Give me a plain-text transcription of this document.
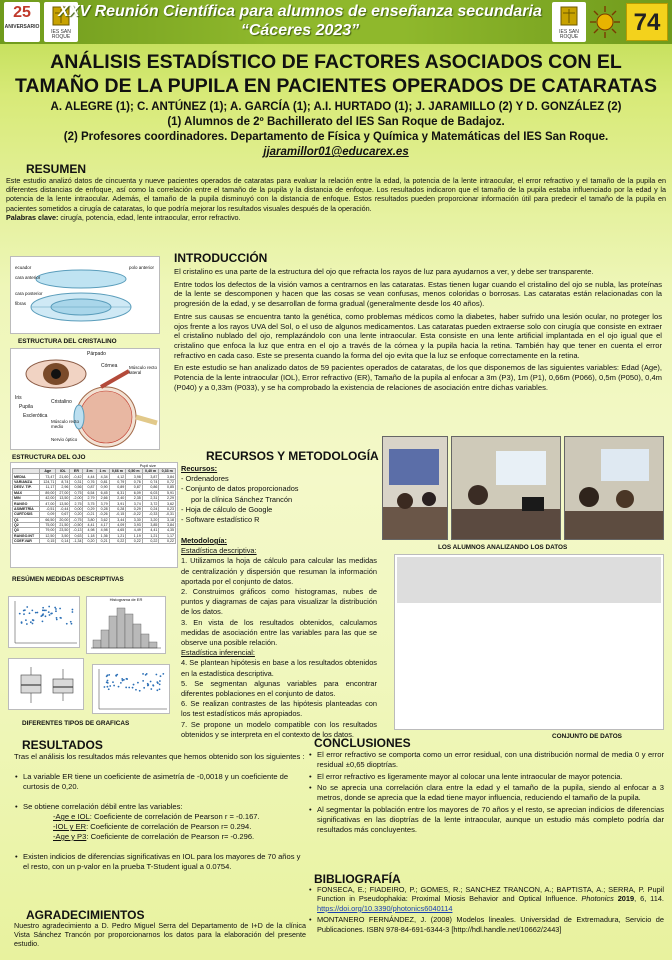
25
ANIVERSARIO
IES SAN ROQUE
XXV Reunión Científica para alumnos de enseñanza secundaria
“Cáceres 2023”	IES SAN ROQUE
74
ANÁLISIS ESTADÍSTICO DE FACTORES ASOCIADOS CON EL TAMAÑO DE LA PUPILA EN PACIENTES OPERADOS DE CATARATAS
A. ALEGRE (1); C. ANTÚNEZ (1); A. GARCÍA (1); A.I. HURTADO (1); J. JARAMILLO (2) Y D. GONZÁLEZ (2)
(1) Alumnos de 2º Bachillerato del IES San Roque de Badajoz.
(2) Profesores coordinadores. Departamento de Física y Química y Matemáticas del IES San Roque. jjaramillor01@educarex.es
RESUMEN
Este estudio analizó datos de cincuenta y nueve pacientes operados de cataratas para evaluar la relación entre la edad, la potencia de la lente intraocular, el error refractivo y el tamaño de la pupila en diferentes distancias de enfoque, así como la correlación entre el tamaño de la pupila y la distancia de enfoque. Los resultados indicaron que el tamaño de la pupila estaba influenciado por la edad y la potencia de la lente intraocular. Además, el tamaño de la pupila disminuyó con la distancia de enfoque. Estos resultados pueden proporcionar información útil para predecir el tamaño de la pupila en pacientes sometidos a cirugía de cataratas, lo que podría mejorar los resultados visuales después de la operación.
Palabras clave: cirugía, potencia, edad, lente intraocular, error refractivo.
ecuador
cara anterior
cara posterior
fibras
polo anterior
ESTRUCTURA DEL CRISTALINO
Párpado
Córnea	Músculo recto lateral
Iris
Pupila
Esclerótica
Cristalino
Músculo recto medio
Nervio óptico
ESTRUCTURA DEL OJO
Pupil size
	Age	IOL	ER	3 m	1 m	0,66 m	0,50 m	0,40 m	0,33 m
MEDIA	73,47	21,60	-0,42	4,44	4,34	4,12	3,98	3,87	3,84
VARIANZA	124,71	8,74	0,31	0,76	0,81	0,79	0,76	0,74	0,72
DESV. TIP.	11,17	2,96	0,56	0,87	0,90	0,89	0,87	0,86	0,85
MAX	89,00	27,00	0,75	6,54	6,45	6,31	6,09	6,03	5,91
MIN	42,00	13,50	-2,00	2,79	2,66	2,40	2,35	2,31	2,29
RANGO	47,00	13,50	2,75	3,75	3,79	3,91	3,74	3,72	3,62
ASIMETRÍA	-0,51	-0,44	0,00	0,29	0,28	0,28	0,29	0,24	0,23
CURTOSIS	0,09	0,67	0,20	-0,21	-0,26	-0,15	-0,22	-0,33	-0,31
Q1	66,50	20,00	-0,75	3,80	3,62	3,44	3,30	3,20	3,18
Q2	75,00	21,50	-0,50	4,41	4,17	4,09	3,93	3,85	3,84
Q3	79,00	23,50	-0,13	4,98	4,98	4,65	4,49	4,41	4,35
RANGO.INT	12,50	3,50	0,63	1,18	1,36	1,21	1,19	1,21	1,17
COEF.VAR	0,15	0,14	-1,34	0,20	0,21	0,22	0,22	0,22	0,22
RESÚMEN MEDIDAS DESCRIPTIVAS
Histograma de ER
DIFERENTES TIPOS DE GRAFICAS
INTRODUCCIÓN

El cristalino es una parte de la estructura del ojo que refracta los rayos de luz para ayudarnos a ver, y debe ser transparente.

Entre todos los defectos de la visión vamos a centrarnos en las cataratas. Estas tienen lugar cuando el cristalino del ojo se nubla, las proteínas de la lente se descomponen y hacen que las cosas se vean confusas, menos coloridas o borrosas. Las cataratas están relacionadas con la progresión de la edad, y se desarrollan de forma gradual (generalmente desde los 40 años).

Entre sus causas se encuentra tanto la genética, como problemas médicos como la diabetes, haber sufrido una lesión ocular, no proteger los ojos frente a los rayos UVA del Sol, o el uso de algunos medicamentos. Las cataratas pueden extraerse solo con cirugía que consiste en extraer el cristalino nublado del ojo, remplazándolo con una lente intraocular. Esta consiste en una lente artificial implantada en el ojo igual que el cristalino que enfoca la luz que entra en el ojo a través de la córnea y la pupila hacia la retina. También hay que tener en cuenta el error refractivo en cada caso. Este se presenta cuando la forma del ojo evita que la luz se enfoque correctamente en la retina.

En este estudio se han analizado datos de 59 pacientes operados de cataratas, de los que disponemos de las siguientes variables: Edad (Age), Potencia de la lente intraocular (IOL), Error refractivo (ER), Tamaño de la pupila al enfocar a 3m (P3), 1m (P1), 0,66m (P066), 0,5m (P050), 0,4m (P040) y a 0,33m (P033), y se ha comprobado la existencia de relaciones de asociación entre dichas variables.

RECURSOS Y METODOLOGÍA
Recursos:
- Ordenadores
- Conjunto de datos proporcionados
por la clínica Sánchez Trancón
- Hoja de cálculo de Google
- Software estadístico R
Metodología:
Estadística descriptiva:

1. Utilizamos la hoja de cálculo para calcular las medidas de centralización y dispersión que resuman la información aportada por el conjunto de datos.

2. Construimos gráficos como histogramas, nubes de puntos y diagramas de cajas para visualizar la distribución de los datos.

3. En vista de los resultados obtenidos, calculamos medidas de asociación entre las variables para las que se observe una posible relación.

Estadística inferencial:

4. Se plantean hipótesis en base a los resultados obtenidos en la estadística descriptiva.

5. Se segmentan algunas variables para encontrar diferentes poblaciones en el conjunto de datos.

6. Se realizan contrastes de las hipótesis planteadas con los test estadísticos más apropiados.

7. Se propone un modelo compatible con los resultados obtenidos y se interpreta en el contexto de los datos.

LOS ALUMNOS ANALIZANDO LOS DATOS
CONJUNTO DE DATOS
RESULTADOS

Tras el análisis los resultados más relevantes que hemos obtenido son los siguientes :

• La variable ER tiene un coeficiente de asimetría de -0,0018 y un coeficiente de curtosis de 0,20.
• Se obtiene correlación débil entre las variables:
-Age e IOL: Coeficiente de correlación de Pearson r = -0.167.
-IOL y ER: Coeficiente de correlación de Pearson r= 0.294.
-Age y P3: Coeficiente de correlación de Pearson r= -0.296.
• Existen indicios de diferencias significativas en IOL para los mayores de 70 años y el resto, con un p-valor en la prueba T-Student igual a 0.0754.
AGRADECIMIENTOS
Nuestro agradecimiento a D. Pedro Miguel Serra del Departamento de I+D de la clínica Vista Sánchez Trancón por proporcionarnos los datos para la elaboración del presente estudio.
CONCLUSIONES
• El error refractivo se comporta como un error residual, con una distribución normal de media 0 y error residual ±0,65 dioptrías.
• El error refractivo es ligeramente mayor al colocar una lente intraocular de mayor potencia.
• No se aprecia una correlación clara entre la edad y el tamaño de la pupila, siendo al enfocar a 3 metros, donde se aprecia que la edad tiene mayor influencia, reduciendo el tamaño de la pupila.
• Al segmentar la población entre los mayores de 70 años y el resto, se aprecian indicios de diferencias significativas en las dioptrías de la lente intraocular, aunque un estudio más completo podría dar resultados más concluyentes.
BIBLIOGRAFÍA
• FONSECA, E.; FIADEIRO, P.; GOMES, R.; SANCHEZ TRANCON, A.; BAPTISTA, A.; SERRA, P. Pupil Function in Pseudophakia: Proximal Miosis Behavior and Optical Influence. Photonics 2019, 6, 114. https://doi.org/10.3390/photonics6040114
• MONTANERO FERNÁNDEZ, J. (2008) Modelos lineales. Universidad de Extremadura, Servicio de Publicaciones. ISBN 978-84-691-6344-3 [http://hdl.handle.net/10662/2443]
